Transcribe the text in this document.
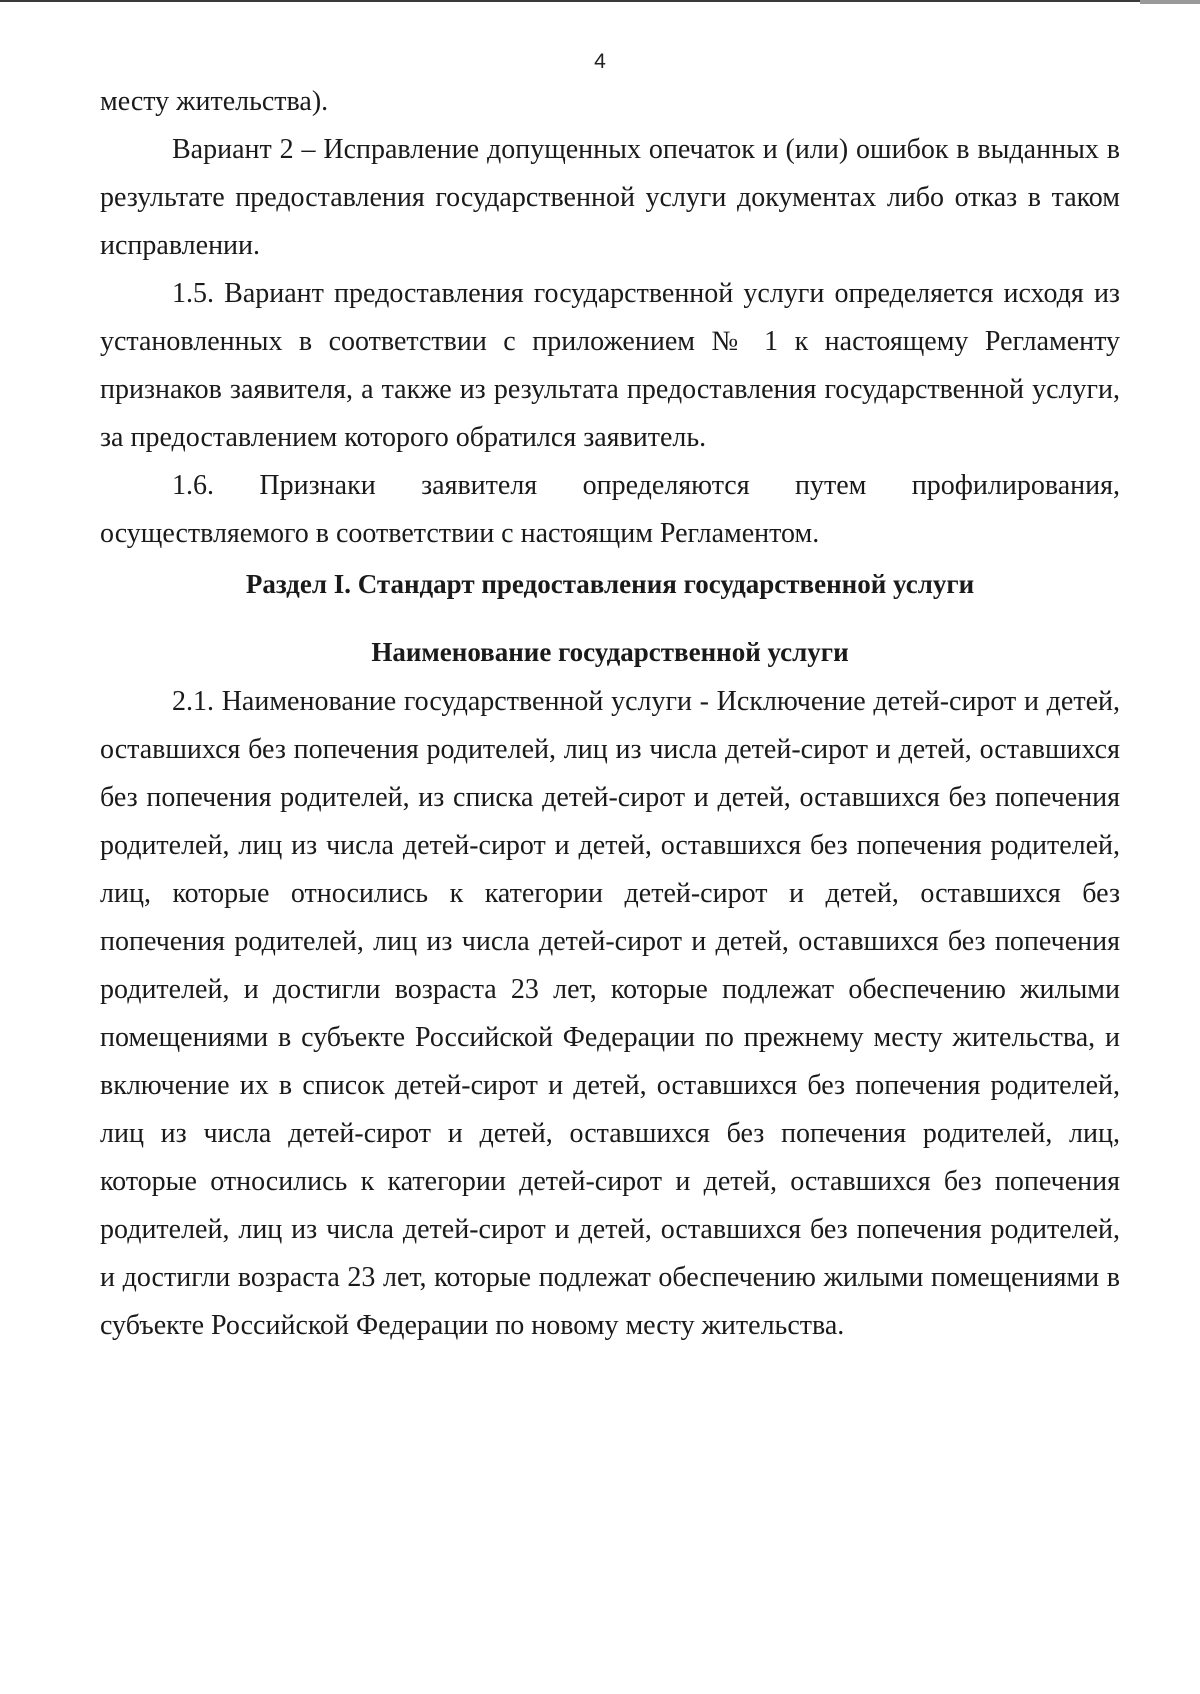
4

месту жительства).

Вариант 2 – Исправление допущенных опечаток и (или) ошибок в выданных в результате предоставления государственной услуги документах либо отказ в таком исправлении.

1.5. Вариант предоставления государственной услуги определяется исходя из установленных в соответствии с приложением № 1 к настоящему Регламенту признаков заявителя, а также из результата предоставления государственной услуги, за предоставлением которого обратился заявитель.

1.6. Признаки заявителя определяются путем профилирования, осуществляемого в соответствии с настоящим Регламентом.

Раздел I. Стандарт предоставления государственной услуги
Наименование государственной услуги

2.1. Наименование государственной услуги - Исключение детей-сирот и детей, оставшихся без попечения родителей, лиц из числа детей-сирот и детей, оставшихся без попечения родителей, из списка детей-сирот и детей, оставшихся без попечения родителей, лиц из числа детей-сирот и детей, оставшихся без попечения родителей, лиц, которые относились к категории детей-сирот и детей, оставшихся без попечения родителей, лиц из числа детей-сирот и детей, оставшихся без попечения родителей, и достигли возраста 23 лет, которые подлежат обеспечению жилыми помещениями в субъекте Российской Федерации по прежнему месту жительства, и включение их в список детей-сирот и детей, оставшихся без попечения родителей, лиц из числа детей-сирот и детей, оставшихся без попечения родителей, лиц, которые относились к категории детей-сирот и детей, оставшихся без попечения родителей, лиц из числа детей-сирот и детей, оставшихся без попечения родителей, и достигли возраста 23 лет, которые подлежат обеспечению жилыми помещениями в субъекте Российской Федерации по новому месту жительства.
